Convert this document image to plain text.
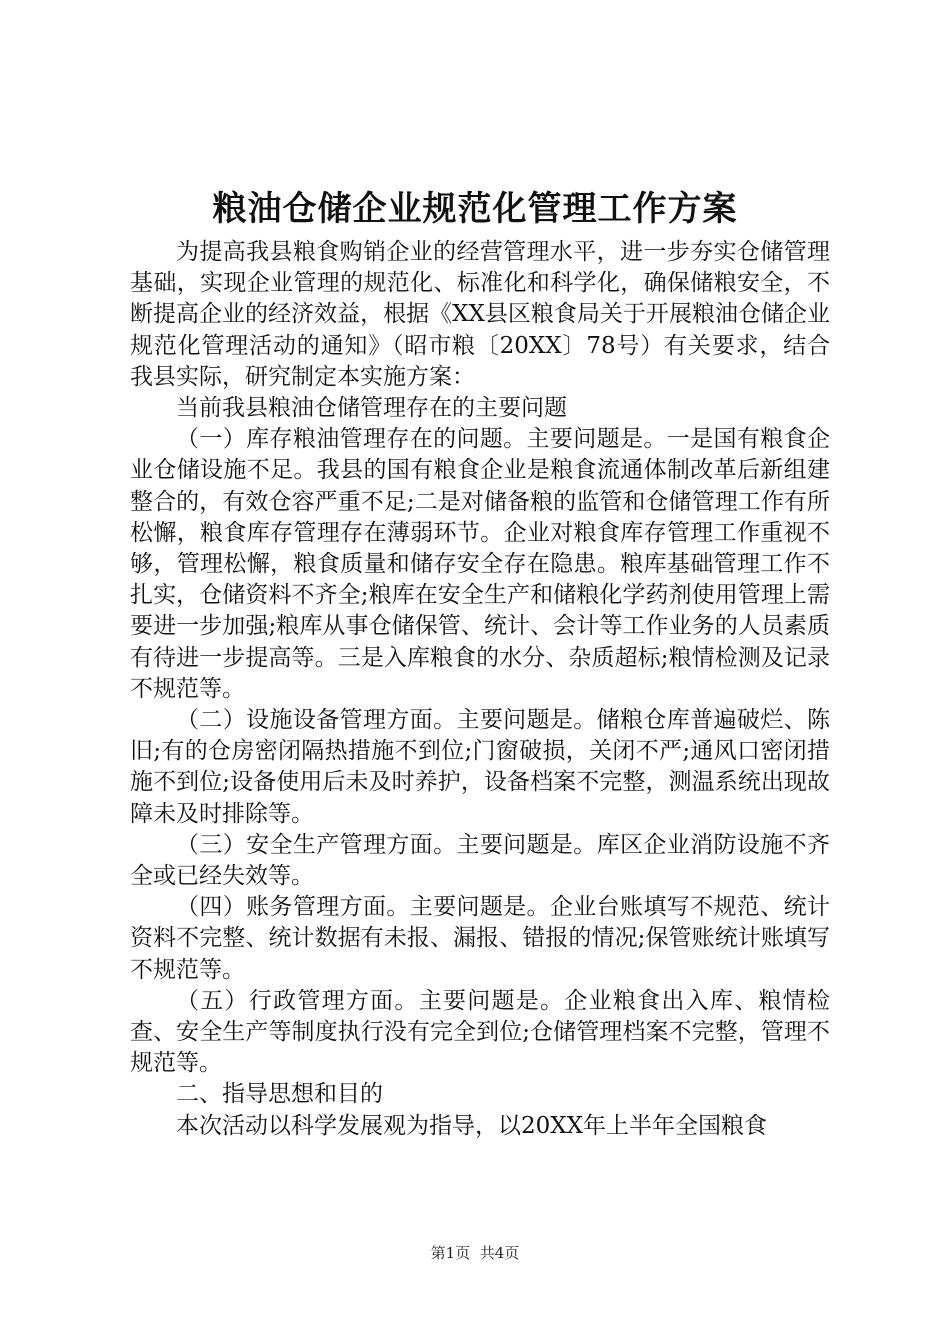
粮油仓储企业规范化管理工作方案

为提高我县粮食购销企业的经营管理水平，进一步夯实仓储管理基础，实现企业管理的规范化、标准化和科学化，确保储粮安全，不断提高企业的经济效益，根据《XX县区粮食局关于开展粮油仓储企业规范化管理活动的通知》（昭市粮〔20XX〕78号）有关要求，结合我县实际，研究制定本实施方案：

当前我县粮油仓储管理存在的主要问题

（一）库存粮油管理存在的问题。主要问题是。一是国有粮食企业仓储设施不足。我县的国有粮食企业是粮食流通体制改革后新组建整合的，有效仓容严重不足;二是对储备粮的监管和仓储管理工作有所松懈，粮食库存管理存在薄弱环节。企业对粮食库存管理工作重视不够，管理松懈，粮食质量和储存安全存在隐患。粮库基础管理工作不扎实，仓储资料不齐全;粮库在安全生产和储粮化学药剂使用管理上需要进一步加强;粮库从事仓储保管、统计、会计等工作业务的人员素质有待进一步提高等。三是入库粮食的水分、杂质超标;粮情检测及记录不规范等。

（二）设施设备管理方面。主要问题是。储粮仓库普遍破烂、陈旧;有的仓房密闭隔热措施不到位;门窗破损，关闭不严;通风口密闭措施不到位;设备使用后未及时养护，设备档案不完整，测温系统出现故障未及时排除等。

（三）安全生产管理方面。主要问题是。库区企业消防设施不齐全或已经失效等。

（四）账务管理方面。主要问题是。企业台账填写不规范、统计资料不完整、统计数据有未报、漏报、错报的情况;保管账统计账填写不规范等。

（五）行政管理方面。主要问题是。企业粮食出入库、粮情检查、安全生产等制度执行没有完全到位;仓储管理档案不完整，管理不规范等。

二、指导思想和目的

本次活动以科学发展观为指导，以20XX年上半年全国粮食

第1页 共4页
